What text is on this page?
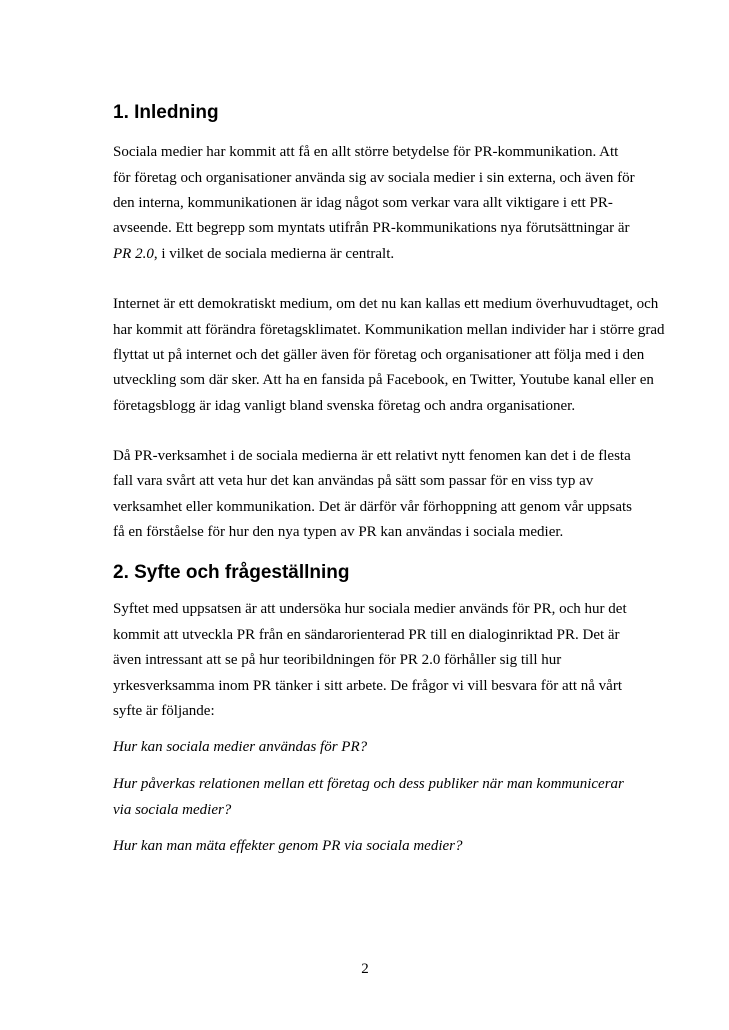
1. Inledning
Sociala medier har kommit att få en allt större betydelse för PR-kommunikation. Att
för företag och organisationer använda sig av sociala medier i sin externa, och även för
den interna, kommunikationen är idag något som verkar vara allt viktigare i ett PR-
avseende. Ett begrepp som myntats utifrån PR-kommunikations nya förutsättningar är
PR 2.0, i vilket de sociala medierna är centralt.
Internet är ett demokratiskt medium, om det nu kan kallas ett medium överhuvudtaget, och
har kommit att förändra företagsklimatet. Kommunikation mellan individer har i större grad
flyttat ut på internet och det gäller även för företag och organisationer att följa med i den
utveckling som där sker. Att ha en fansida på Facebook, en Twitter, Youtube kanal eller en
företagsblogg är idag vanligt bland svenska företag och andra organisationer.
Då PR-verksamhet i de sociala medierna är ett relativt nytt fenomen kan det i de flesta
fall vara svårt att veta hur det kan användas på sätt som passar för en viss typ av
verksamhet eller kommunikation. Det är därför vår förhoppning att genom vår uppsats
få en förståelse för hur den nya typen av PR kan användas i sociala medier.
2. Syfte och frågeställning
Syftet med uppsatsen är att undersöka hur sociala medier används för PR, och hur det
kommit att utveckla PR från en sändarorienterad PR till en dialoginriktad PR. Det är
även intressant att se på hur teoribildningen för PR 2.0 förhåller sig till hur
yrkesverksamma inom PR tänker i sitt arbete. De frågor vi vill besvara för att nå vårt
syfte är följande:
Hur kan sociala medier användas för PR?
Hur påverkas relationen mellan ett företag och dess publiker när man kommunicerar
via sociala medier?
Hur kan man mäta effekter genom PR via sociala medier?
2
